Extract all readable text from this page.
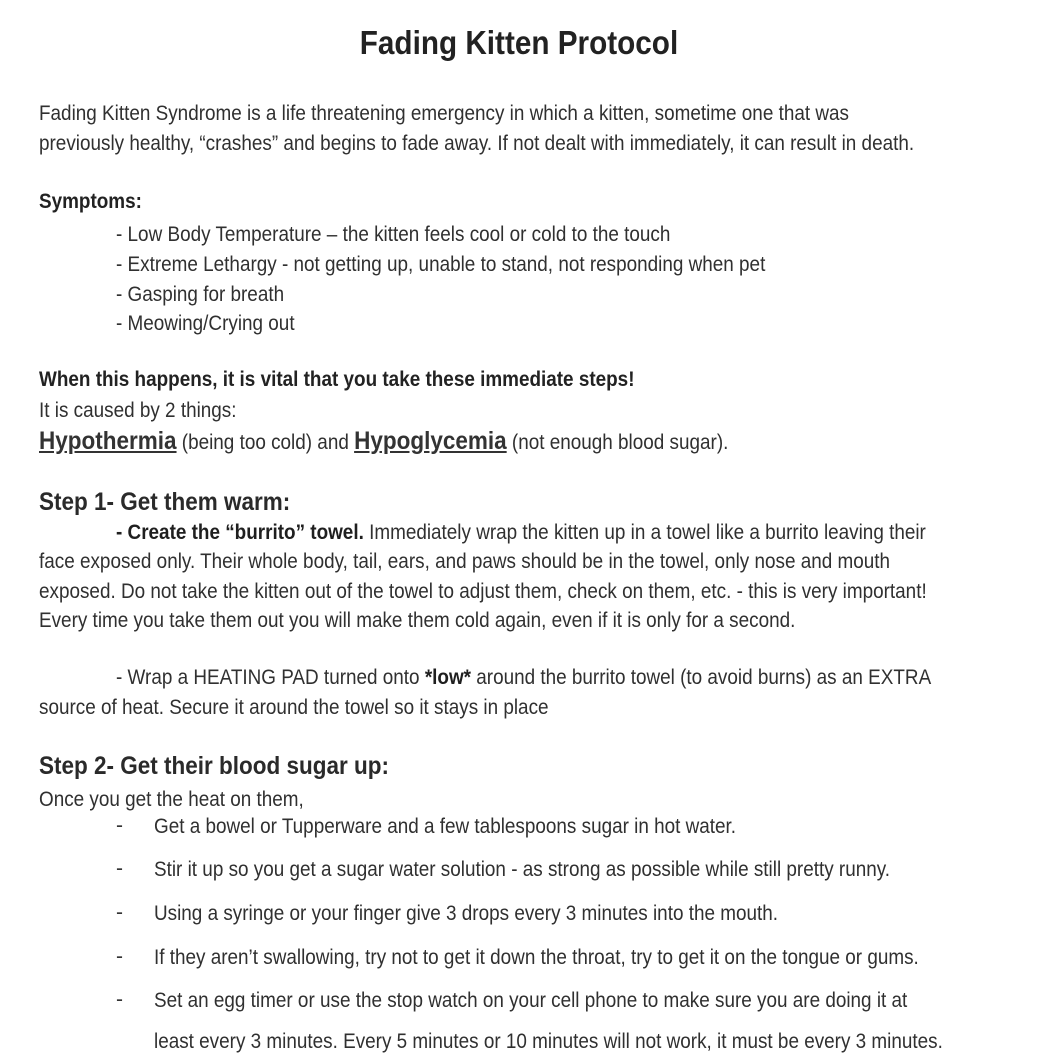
Fading Kitten Protocol
Fading Kitten Syndrome is a life threatening emergency in which a kitten, sometime one that was
previously healthy, “crashes” and begins to fade away. If not dealt with immediately, it can result in death.
Symptoms:
- Low Body Temperature – the kitten feels cool or cold to the touch
- Extreme Lethargy - not getting up, unable to stand, not responding when pet
- Gasping for breath
- Meowing/Crying out
When this happens, it is vital that you take these immediate steps!
It is caused by 2 things:
Hypothermia (being too cold) and Hypoglycemia (not enough blood sugar).
Step 1- Get them warm:
- Create the “burrito” towel. Immediately wrap the kitten up in a towel like a burrito leaving their
face exposed only. Their whole body, tail, ears, and paws should be in the towel, only nose and mouth
exposed. Do not take the kitten out of the towel to adjust them, check on them, etc. - this is very important!
Every time you take them out you will make them cold again, even if it is only for a second.
- Wrap a HEATING PAD turned onto *low* around the burrito towel (to avoid burns) as an EXTRA
source of heat. Secure it around the towel so it stays in place
Step 2- Get their blood sugar up:
Once you get the heat on them,
- Get a bowel or Tupperware and a few tablespoons sugar in hot water.
- Stir it up so you get a sugar water solution - as strong as possible while still pretty runny.
- Using a syringe or your finger give 3 drops every 3 minutes into the mouth.
- If they aren’t swallowing, try not to get it down the throat, try to get it on the tongue or gums.
- Set an egg timer or use the stop watch on your cell phone to make sure you are doing it at
least every 3 minutes. Every 5 minutes or 10 minutes will not work, it must be every 3 minutes.
